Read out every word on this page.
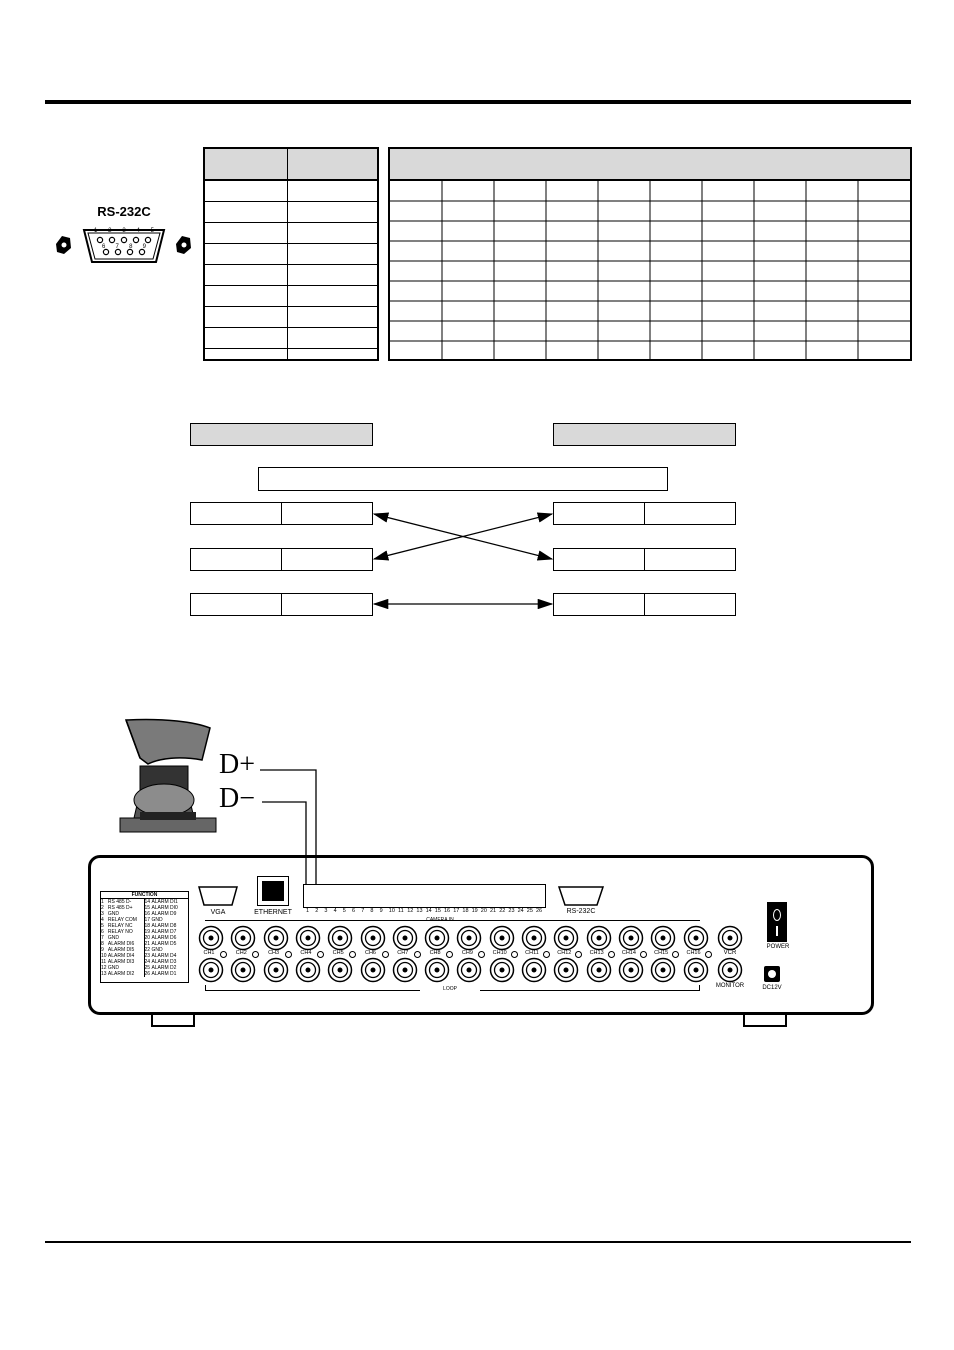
RS-232C
1 2 3 4 5
6 7 8 9
D+
D−
FUNCTION
1 RS 485 D-	14 ALARM DI1
2 RS 485 D+	15 ALARM DI0
3 GND	16 ALARM D9
4 RELAY COM	17 GND
5 RELAY NC	18 ALARM D8
6 RELAY NO	19 ALARM D7
7 GND	20 ALARM D6
8 ALARM DI6	21 ALARM D5
9 ALARM DI5	22 GND
10 ALARM DI4	23 ALARM D4
11 ALARM DI3	24 ALARM D3
12 GND	25 ALARM D2
13 ALARM DI2	26 ALARM D1
VGA	ETHERNET	1 2 3 4 5 6 7 8 9 10 11 12 13 14 15 16 17 18 19 20 21 22 23 24 25 26	RS-232C
CH1	CH2	CH3	CH4	CH5	CH6	CH7	CH8	CH9	CH10	CH11	CH12	CH13	CH14	CH15	CH16
LOOP
VCR
MONITOR
POWER
DC12V
